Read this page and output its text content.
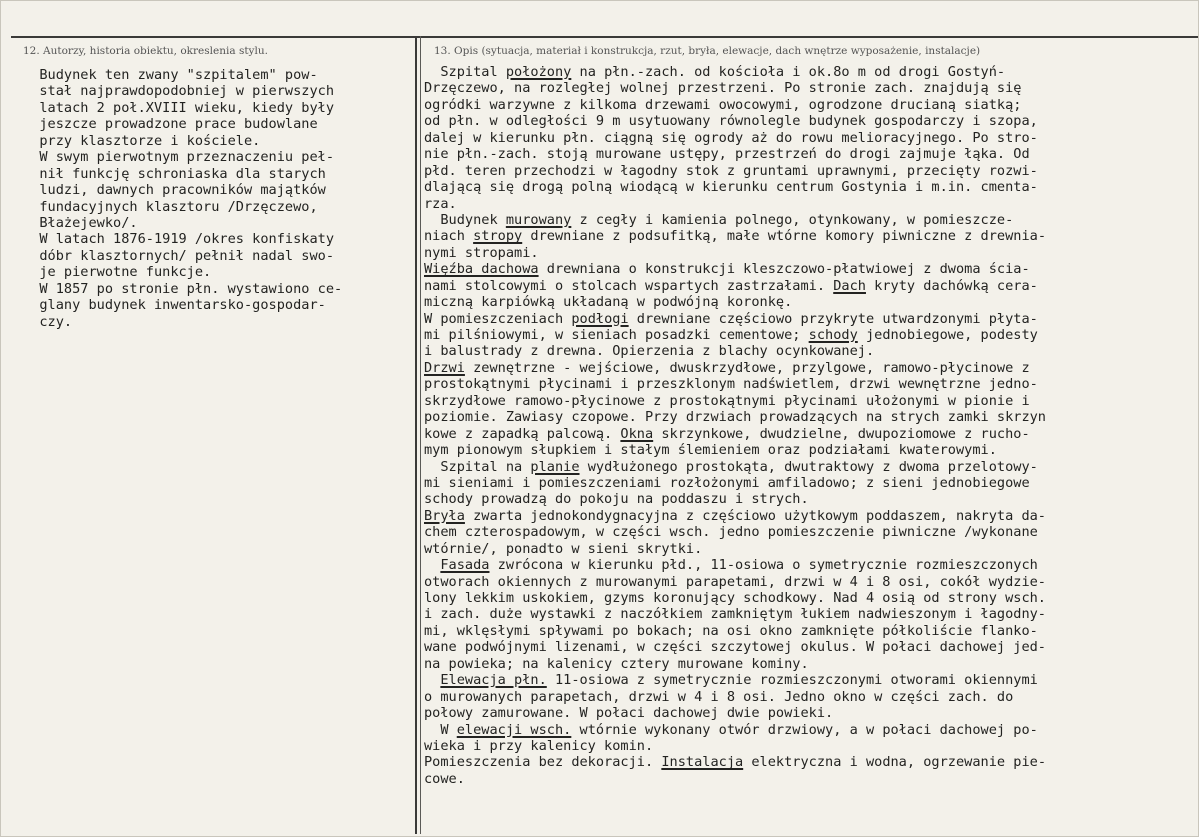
12. Autorzy, historia obiektu, okreslenia stylu.	13. Opis (sytuacja, materiał i konstrukcja, rzut, bryła, elewacje, dach wnętrze wyposażenie, instalacje)
Budynek ten zwany "szpitalem" pow-
stał najprawdopodobniej w pierwszych
latach 2 poł.XVIII wieku, kiedy były
jeszcze prowadzone prace budowlane
przy klasztorze i kościele.
W swym pierwotnym przeznaczeniu peł-
nił funkcję schroniaska dla starych
ludzi, dawnych pracowników majątków
fundacyjnych klasztoru /Drzęczewo,
Błażejewko/.
W latach 1876-1919 /okres konfiskaty
dóbr klasztornych/ pełnił nadal swo-
je pierwotne funkcje.
W 1857 po stronie płn. wystawiono ce-
glany budynek inwentarsko-gospodar-
czy.
Szpital położony na płn.-zach. od kościoła i ok.8o m od drogi Gostyń-
Drzęczewo, na rozległej wolnej przestrzeni. Po stronie zach. znajdują się
ogródki warzywne z kilkoma drzewami owocowymi, ogrodzone drucianą siatką;
od płn. w odległości 9 m usytuowany równolegle budynek gospodarczy i szopa,
dalej w kierunku płn. ciągną się ogrody aż do rowu melioracyjnego. Po stro-
nie płn.-zach. stoją murowane ustępy, przestrzeń do drogi zajmuje łąka. Od
płd. teren przechodzi w łagodny stok z gruntami uprawnymi, przecięty rozwi-
dlającą się drogą polną wiodącą w kierunku centrum Gostynia i m.in. cmenta-
rza.
Budynek murowany z cegły i kamienia polnego, otynkowany, w pomieszcze-
niach stropy drewniane z podsufitką, małe wtórne komory piwniczne z drewnia-
nymi stropami.
Więźba dachowa drewniana o konstrukcji kleszczowo-płatwiowej z dwoma ścia-
nami stolcowymi o stolcach wspartych zastrzałami. Dach kryty dachówką cera-
miczną karpiówką układaną w podwójną koronkę.
W pomieszczeniach podłogi drewniane częściowo przykryte utwardzonymi płyta-
mi pilśniowymi, w sieniach posadzki cementowe; schody jednobiegowe, podesty
i balustrady z drewna. Opierzenia z blachy ocynkowanej.
Drzwi zewnętrzne - wejściowe, dwuskrzydłowe, przylgowe, ramowo-płycinowe z
prostokątnymi płycinami i przeszklonym nadświetlem, drzwi wewnętrzne jedno-
skrzydłowe ramowo-płycinowe z prostokątnymi płycinami ułożonymi w pionie i
poziomie. Zawiasy czopowe. Przy drzwiach prowadzących na strych zamki skrzyn
kowe z zapadką palcową. Okna skrzynkowe, dwudzielne, dwupoziomowe z rucho-
mym pionowym słupkiem i stałym ślemieniem oraz podziałami kwaterowymi.
Szpital na planie wydłużonego prostokąta, dwutraktowy z dwoma przelotowy-
mi sieniami i pomieszczeniami rozłożonymi amfiladowo; z sieni jednobiegowe
schody prowadzą do pokoju na poddaszu i strych.
Bryła zwarta jednokondygnacyjna z częściowo użytkowym poddaszem, nakryta da-
chem czterospadowym, w części wsch. jedno pomieszczenie piwniczne /wykonane
wtórnie/, ponadto w sieni skrytki.
Fasada zwrócona w kierunku płd., 11-osiowa o symetrycznie rozmieszczonych
otworach okiennych z murowanymi parapetami, drzwi w 4 i 8 osi, cokół wydzie-
lony lekkim uskokiem, gzyms koronujący schodkowy. Nad 4 osią od strony wsch.
i zach. duże wystawki z naczółkiem zamkniętym łukiem nadwieszonym i łagodny-
mi, wklęsłymi spływami po bokach; na osi okno zamknięte półkoliście flanko-
wane podwójnymi lizenami, w części szczytowej okulus. W połaci dachowej jed-
na powieka; na kalenicy cztery murowane kominy.
Elewacja płn. 11-osiowa z symetrycznie rozmieszczonymi otworami okiennymi
o murowanych parapetach, drzwi w 4 i 8 osi. Jedno okno w części zach. do
połowy zamurowane. W połaci dachowej dwie powieki.
W elewacji wsch. wtórnie wykonany otwór drzwiowy, a w połaci dachowej po-
wieka i przy kalenicy komin.
Pomieszczenia bez dekoracji. Instalacja elektryczna i wodna, ogrzewanie pie-
cowe.
